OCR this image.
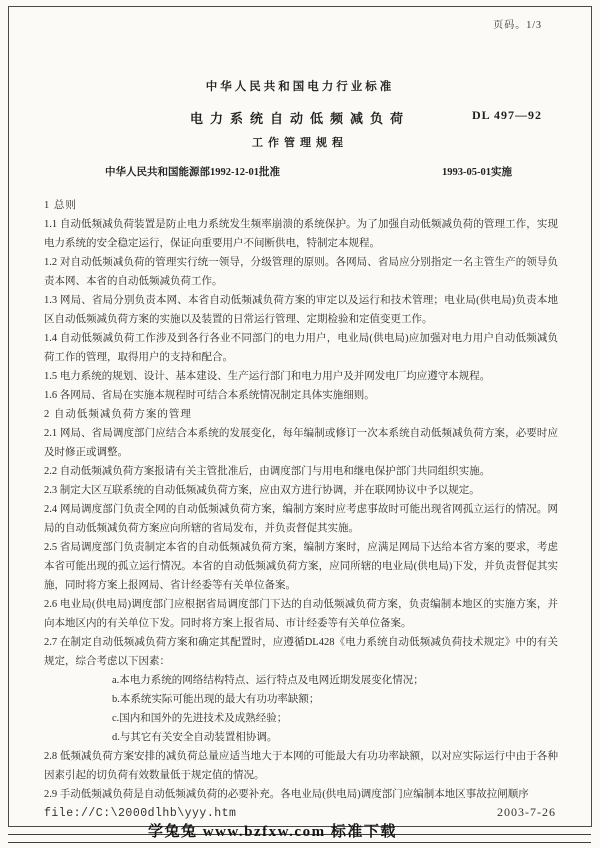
页码。1/3
中华人民共和国电力行业标准
电力系统自动低频减负荷	DL 497—92
工作管理规程
中华人民共和国能源部1992-12-01批准	1993-05-01实施

1 总则

1.1 自动低频减负荷装置是防止电力系统发生频率崩溃的系统保护。为了加强自动低频减负荷的管理工作，实现电力系统的安全稳定运行，保证向重要用户不间断供电，特制定本规程。

1.2 对自动低频减负荷的管理实行统一领导，分级管理的原则。各网局、省局应分别指定一名主管生产的领导负责本网、本省的自动低频减负荷工作。

1.3 网局、省局分别负责本网、本省自动低频减负荷方案的审定以及运行和技术管理；电业局(供电局)负责本地区自动低频减负荷方案的实施以及装置的日常运行管理、定期检验和定值变更工作。

1.4 自动低频减负荷工作涉及到各行各业不同部门的电力用户，电业局(供电局)应加强对电力用户自动低频减负荷工作的管理，取得用户的支持和配合。

1.5 电力系统的规划、设计、基本建设、生产运行部门和电力用户及并网发电厂均应遵守本规程。

1.6 各网局、省局在实施本规程时可结合本系统情况制定具体实施细则。

2 自动低频减负荷方案的管理

2.1 网局、省局调度部门应结合本系统的发展变化，每年编制或修订一次本系统自动低频减负荷方案，必要时应及时修正或调整。

2.2 自动低频减负荷方案报请有关主管批准后，由调度部门与用电和继电保护部门共同组织实施。

2.3 制定大区互联系统的自动低频减负荷方案，应由双方进行协调，并在联网协议中予以规定。

2.4 网局调度部门负责全网的自动低频减负荷方案，编制方案时应考虑事故时可能出现省网孤立运行的情况。网局的自动低频减负荷方案应向所辖的省局发布，并负责督促其实施。

2.5 省局调度部门负责制定本省的自动低频减负荷方案，编制方案时，应满足网局下达给本省方案的要求，考虑本省可能出现的孤立运行情况。本省的自动低频减负荷方案，应同所辖的电业局(供电局)下发，并负责督促其实施，同时将方案上报网局、省计经委等有关单位备案。

2.6 电业局(供电局)调度部门应根据省局调度部门下达的自动低频减负荷方案，负责编制本地区的实施方案，并向本地区内的有关单位下发。同时将方案上报省局、市计经委等有关单位备案。

2.7 在制定自动低频减负荷方案和确定其配置时，应遵循DL428《电力系统自动低频减负荷技术规定》中的有关规定，综合考虑以下因素：

a.本电力系统的网络结构特点、运行特点及电网近期发展变化情况；

b.本系统实际可能出现的最大有功功率缺额；

c.国内和国外的先进技术及成熟经验；

d.与其它有关安全自动装置相协调。

2.8 低频减负荷方案安排的减负荷总量应适当地大于本网的可能最大有功功率缺额，以对应实际运行中由于各种因素引起的切负荷有效数量低于规定值的情况。

2.9 手动低频减负荷是自动低频减负荷的必要补充。各电业局(供电局)调度部门应编制本地区事故拉闸顺序

file://C:\2000dlhb\yyy.htm	2003-7-26
学兔兔 www.bzfxw.com 标准下载
